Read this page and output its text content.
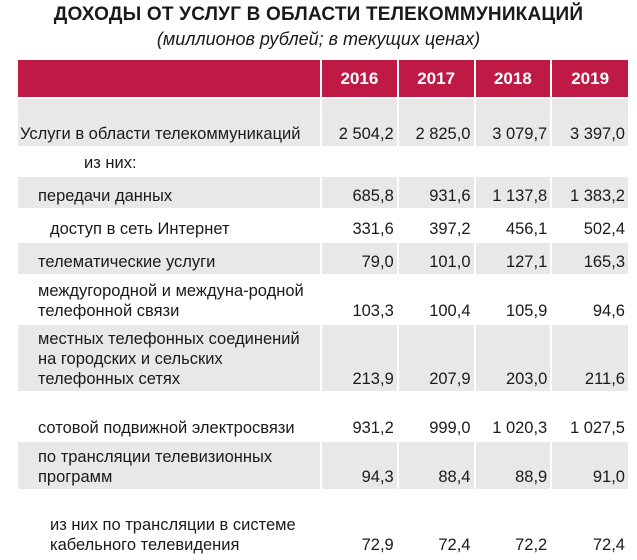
ДОХОДЫ ОТ УСЛУГ В ОБЛАСТИ ТЕЛЕКОММУНИКАЦИЙ
(миллионов рублей; в текущих ценах)
	2016	2017	2018	2019
Услуги в области телекоммуникаций	2 504,2	2 825,0	3 079,7	3 397,0
из них:				
передачи данных	685,8	931,6	1 137,8	1 383,2
доступ в сеть Интернет	331,6	397,2	456,1	502,4
телематические услуги	79,0	101,0	127,1	165,3
междугородной и междуна-родной телефонной связи	103,3	100,4	105,9	94,6
местных телефонных соединений на городских и сельских телефонных сетях	213,9	207,9	203,0	211,6
сотовой подвижной электросвязи	931,2	999,0	1 020,3	1 027,5
по трансляции телевизионных программ	94,3	88,4	88,9	91,0
из них по трансляции в системе кабельного телевидения	72,9	72,4	72,2	72,4
